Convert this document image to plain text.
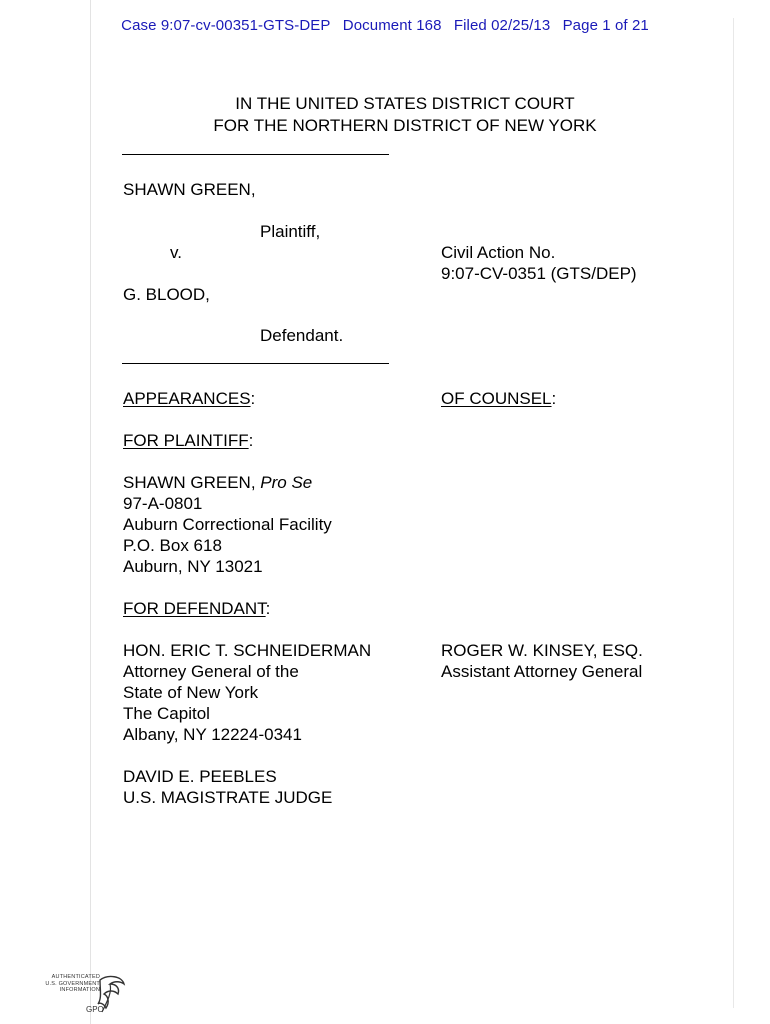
Case 9:07-cv-00351-GTS-DEP Document 168 Filed 02/25/13 Page 1 of 21
IN THE UNITED STATES DISTRICT COURT
FOR THE NORTHERN DISTRICT OF NEW YORK
SHAWN GREEN,
Plaintiff,
v.	Civil Action No.
9:07-CV-0351 (GTS/DEP)
G. BLOOD,
Defendant.
APPEARANCES:	OF COUNSEL:
FOR PLAINTIFF:
SHAWN GREEN, Pro Se
97-A-0801
Auburn Correctional Facility
P.O. Box 618
Auburn, NY 13021
FOR DEFENDANT:
HON. ERIC T. SCHNEIDERMAN
Attorney General of the
State of New York
The Capitol
Albany, NY 12224-0341
ROGER W. KINSEY, ESQ.
Assistant Attorney General
DAVID E. PEEBLES
U.S. MAGISTRATE JUDGE
AUTHENTICATED
U.S. GOVERNMENT
INFORMATION
GPO
